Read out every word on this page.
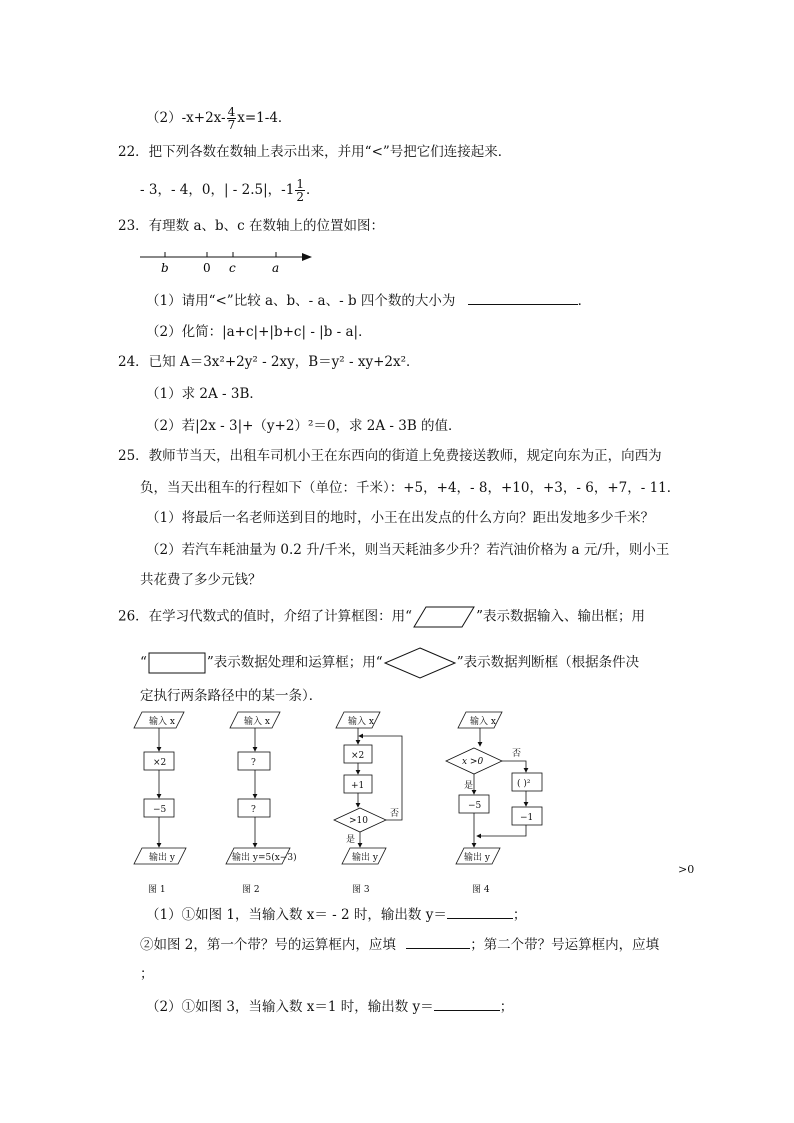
$(2)-x+2x- \frac{4}{7} x=1-4$．
22．把下列各数在数轴上表示出来，并用“<”号把它们连接起来．
- 3，- 4，0，| - 2.5|，$-1 \frac{1}{2}$ ．
23．有理数 a、b、c 在数轴上的位置如图：
b	0 c	a
（1）请用“<”比较 a、b、- a、- b 四个数的大小为	．
（2）化简：|a+c|+|b+c| - |b - a|．
24．已知 A＝3x²+2y² - 2xy，B＝y² - xy+2x²．
（1）求 2A - 3B．
（2）若|2x - 3|+（y+2）²＝0，求 2A - 3B 的值．
25．教师节当天，出租车司机小王在东西向的街道上免费接送教师，规定向东为正，向西为
负，当天出租车的行程如下（单位：千米）：+5，+4，- 8，+10，+3，- 6，+7，- 11．
（1）将最后一名老师送到目的地时，小王在出发点的什么方向？距出发地多少千米？
（2）若汽车耗油量为 0.2 升/千米，则当天耗油多少升？若汽油价格为 a 元/升，则小王
共花费了多少元钱？
26．在学习代数式的值时，介绍了计算框图：用“	”表示数据输入、输出框；用
“	”表示数据处理和运算框；用“	”表示数据判断框（根据条件决
定执行两条路径中的某一条）．
输入 x
×2
−5
输出 y
图 1
输入 x
?
?
输出 y=5(x−3)
图 2
输入 x
×2
+1
>10
否
是
输出 y
图 3
输入 x
x >0
否
是
−5
( )²
−1
输出 y
图 4
>0
（1）①如图 1，当输入数 x＝ - 2 时，输出数 y＝	；
②如图 2，第一个带？号的运算框内，应填	；第二个带？号运算框内，应填
；
（2）①如图 3，当输入数 x＝1 时，输出数 y＝	；
